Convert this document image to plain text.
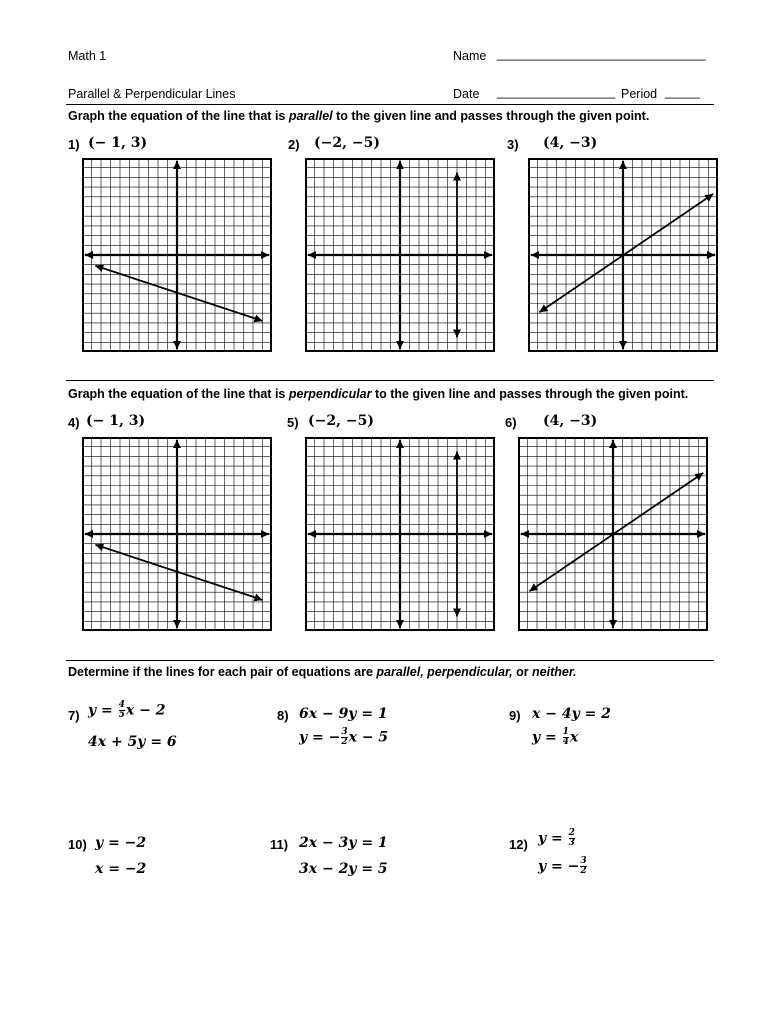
Math 1	Name ______________________________
Parallel & Perpendicular Lines	Date _________________ Period _____
Graph the equation of the line that is parallel to the given line and passes through the given point.
1) (− 1, 3)	2) (−2, −5)	3) (4, −3)
Graph the equation of the line that is perpendicular to the given line and passes through the given point.
4) (− 1, 3)	5) (−2, −5)	6) (4, −3)
Determine if the lines for each pair of equations are parallel, perpendicular, or neither.
7) $y = \frac{4}{5}$ x − 2
4x + 5y = 6
8) 6x − 9y = 1
y = − $\frac{3}{2}$ x − 5
9) x − 4y = 2
$y = \frac{1}{4}$ x
10) y = −2
x = −2
11) 2x − 3y = 1
3x − 2y = 5
12) $y = \frac{2}{3}$
y = − $\frac{3}{2}$
